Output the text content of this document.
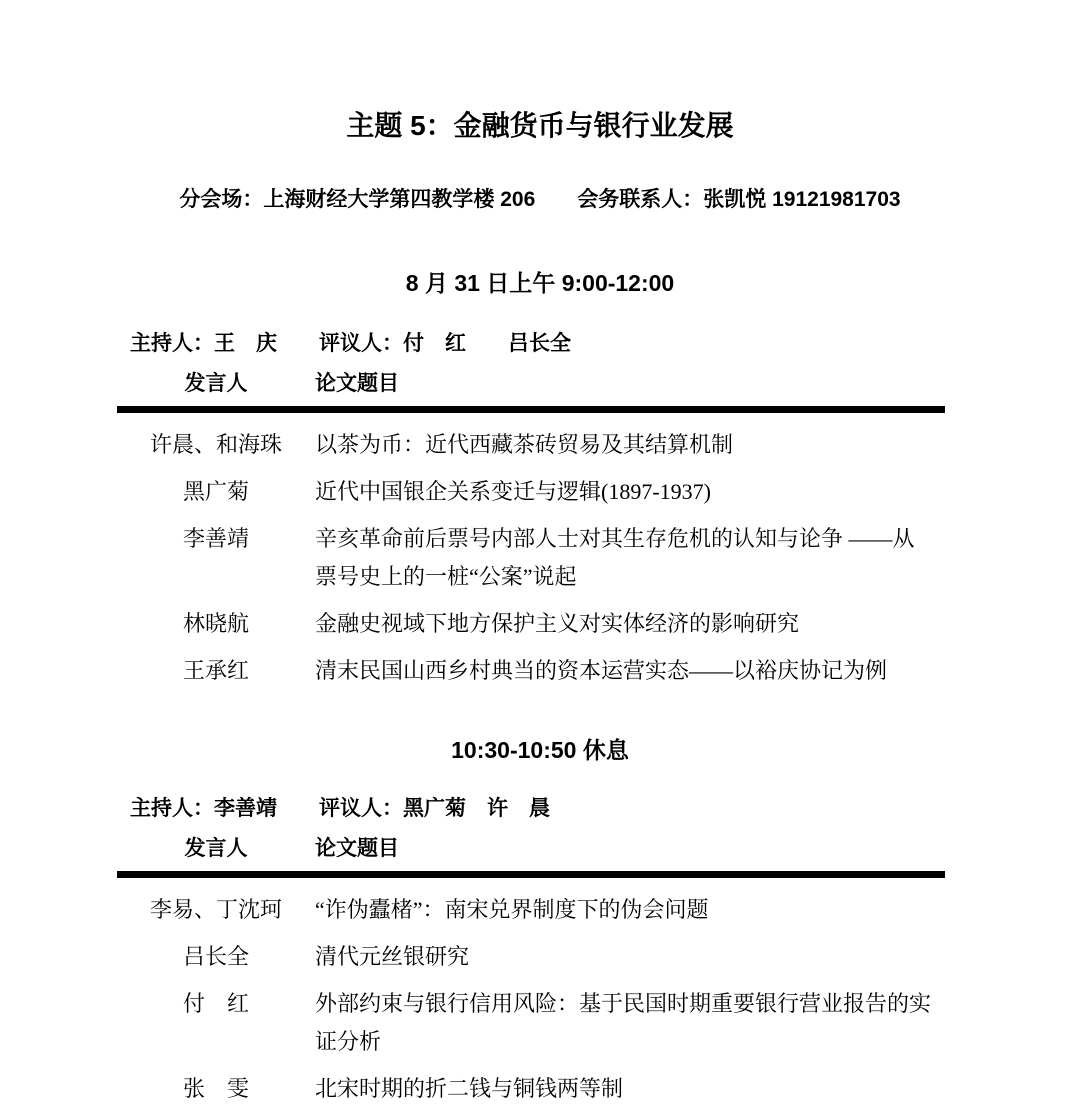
主题 5：金融货币与银行业发展

分会场：上海财经大学第四教学楼 206　　会务联系人：张凯悦 19121981703

8 月 31 日上午 9:00-12:00

主持人：王　庆　　评议人：付　红　　吕长全

发言人	论文题目
许晨、和海珠	以茶为币：近代西藏茶砖贸易及其结算机制
黑广菊	近代中国银企关系变迁与逻辑(1897-1937)
李善靖	辛亥革命前后票号内部人士对其生存危机的认知与论争 ——从票号史上的一桩“公案”说起
林晓航	金融史视域下地方保护主义对实体经济的影响研究
王承红	清末民国山西乡村典当的资本运营实态——以裕庆协记为例
10:30-10:50 休息

主持人：李善靖　　评议人：黑广菊　许　晨

发言人	论文题目
李易、丁沈珂	“诈伪蠹楮”：南宋兑界制度下的伪会问题
吕长全	清代元丝银研究
付　红	外部约束与银行信用风险：基于民国时期重要银行营业报告的实证分析
张　雯	北宋时期的折二钱与铜钱两等制
